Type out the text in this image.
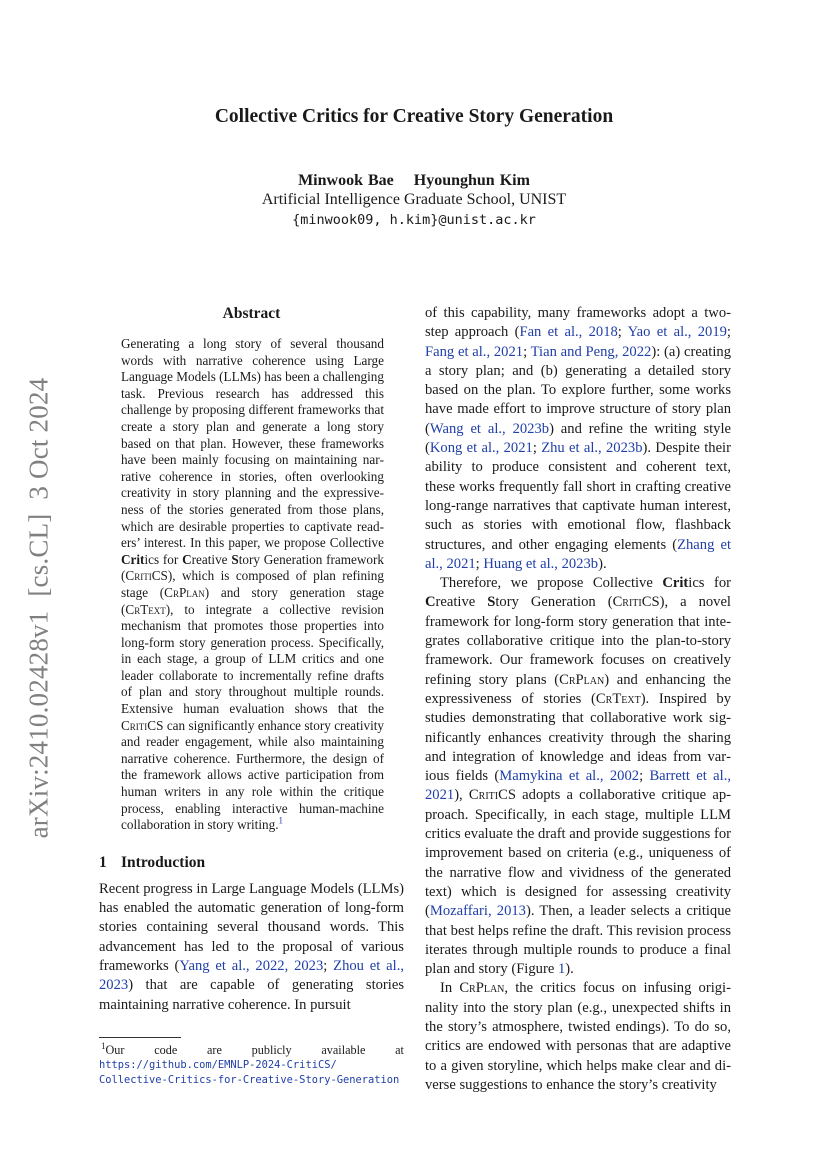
arXiv:2410.02428v1  [cs.CL]  3 Oct 2024
Collective Critics for Creative Story Generation
Minwook Bae    Hyounghun Kim
Artificial Intelligence Graduate School, UNIST
{minwook09, h.kim}@unist.ac.kr
Abstract
Generating a long story of several thousand words with narrative coherence using Large Language Models (LLMs) has been a challenging task. Previous research has addressed this challenge by proposing different frameworks that create a story plan and generate a long story based on that plan. However, these frameworks have been mainly focusing on maintaining narrative coherence in stories, often overlooking creativity in story planning and the expressiveness of the stories generated from those plans, which are desirable properties to captivate readers’ interest. In this paper, we propose Collective Critics for Creative Story Generation framework (CritiCS), which is composed of plan refining stage (CrPlan) and story generation stage (CrText), to integrate a collective revision mechanism that promotes those properties into long-form story generation process. Specifically, in each stage, a group of LLM critics and one leader collaborate to incrementally refine drafts of plan and story throughout multiple rounds. Extensive human evaluation shows that the CritiCS can significantly enhance story creativity and reader engagement, while also maintaining narrative coherence. Furthermore, the design of the framework allows active participation from human writers in any role within the critique process, enabling interactive human-machine collaboration in story writing.$^1$
1 Introduction

Recent progress in Large Language Models (LLMs) has enabled the automatic generation of long-form stories containing several thousand words. This advancement has led to the proposal of various frameworks (Yang et al., 2022, 2023; Zhou et al., 2023) that are capable of generating stories maintaining narrative coherence. In pursuit

$^1$Our code are publicly available at
https://github.com/EMNLP-2024-CritiCS/
Collective-Critics-for-Creative-Story-Generation

of this capability, many frameworks adopt a two-step approach (Fan et al., 2018; Yao et al., 2019; Fang et al., 2021; Tian and Peng, 2022): (a) creating a story plan; and (b) generating a detailed story based on the plan. To explore further, some works have made effort to improve structure of story plan (Wang et al., 2023b) and refine the writing style (Kong et al., 2021; Zhu et al., 2023b). Despite their ability to produce consistent and coherent text, these works frequently fall short in crafting creative long-range narratives that captivate human interest, such as stories with emotional flow, flashback structures, and other engaging elements (Zhang et al., 2021; Huang et al., 2023b).

Therefore, we propose Collective Critics for Creative Story Generation (CritiCS), a novel framework for long-form story generation that integrates collaborative critique into the plan-to-story framework. Our framework focuses on creatively refining story plans (CrPlan) and enhancing the expressiveness of stories (CrText). Inspired by studies demonstrating that collaborative work significantly enhances creativity through the sharing and integration of knowledge and ideas from various fields (Mamykina et al., 2002; Barrett et al., 2021), CritiCS adopts a collaborative critique approach. Specifically, in each stage, multiple LLM critics evaluate the draft and provide suggestions for improvement based on criteria (e.g., uniqueness of the narrative flow and vividness of the generated text) which is designed for assessing creativity (Mozaffari, 2013). Then, a leader selects a critique that best helps refine the draft. This revision process iterates through multiple rounds to produce a final plan and story (Figure 1).

In CrPlan, the critics focus on infusing originality into the story plan (e.g., unexpected shifts in the story’s atmosphere, twisted endings). To do so, critics are endowed with personas that are adaptive to a given storyline, which helps make clear and diverse suggestions to enhance the story’s creativity
